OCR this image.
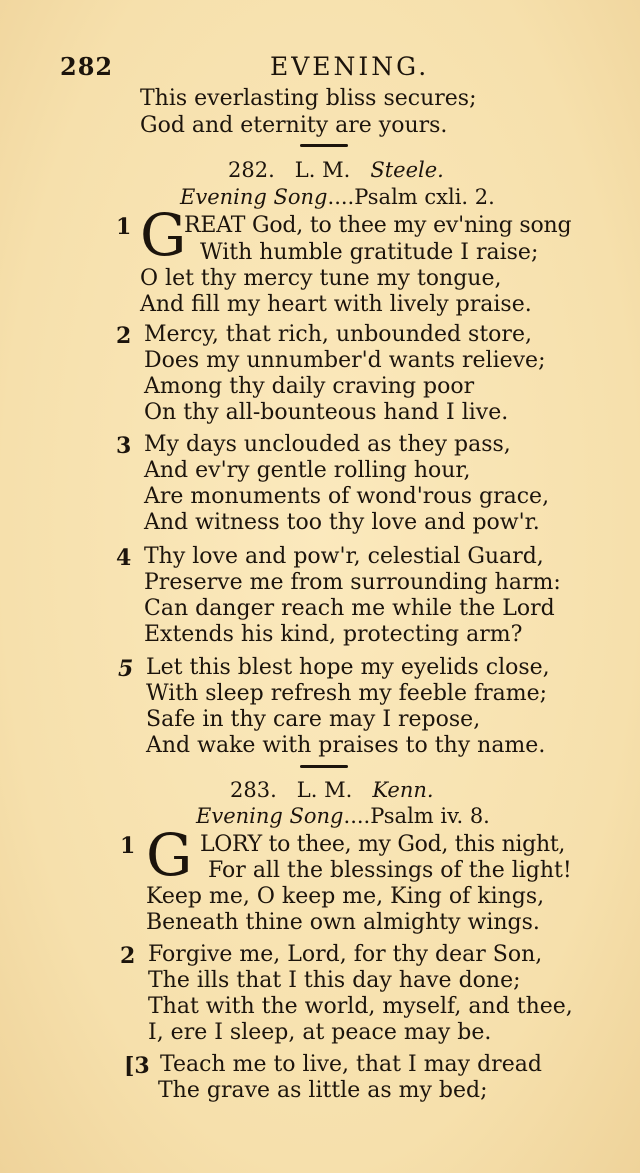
282	EVENING.
This everlasting bliss secures;
God and eternity are yours.
282. L. M. Steele.
Evening Song....Psalm cxli. 2.
1 G
REAT God, to thee my ev'ning song
With humble gratitude I raise;
O let thy mercy tune my tongue,
And fill my heart with lively praise.
2 Mercy, that rich, unbounded store,
Does my unnumber'd wants relieve;
Among thy daily craving poor
On thy all-bounteous hand I live.
3 My days unclouded as they pass,
And ev'ry gentle rolling hour,
Are monuments of wond'rous grace,
And witness too thy love and pow'r.
4 Thy love and pow'r, celestial Guard,
Preserve me from surrounding harm:
Can danger reach me while the Lord
Extends his kind, protecting arm?
5 Let this blest hope my eyelids close,
With sleep refresh my feeble frame;
Safe in thy care may I repose,
And wake with praises to thy name.
283. L. M. Kenn.
Evening Song....Psalm iv. 8.
1 G LORY to thee, my God, this night,
For all the blessings of the light!
Keep me, O keep me, King of kings,
Beneath thine own almighty wings.
2 Forgive me, Lord, for thy dear Son,
The ills that I this day have done;
That with the world, myself, and thee,
I, ere I sleep, at peace may be.
[3 Teach me to live, that I may dread
The grave as little as my bed;
